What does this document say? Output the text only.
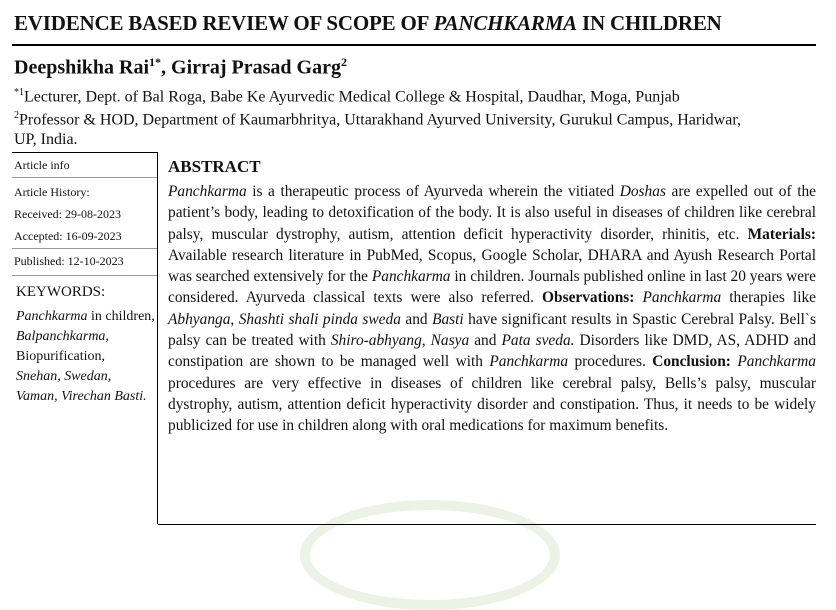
EVIDENCE BASED REVIEW OF SCOPE OF PANCHKARMA IN CHILDREN
Deepshikha Rai$^{1*}$, Girraj Prasad Garg$^2$
$^{*1}$Lecturer, Dept. of Bal Roga, Babe Ke Ayurvedic Medical College & Hospital, Daudhar, Moga, Punjab
$^2$Professor & HOD, Department of Kaumarbhritya, Uttarakhand Ayurved University, Gurukul Campus, Haridwar,
UP, India.
Article info
Article History:
Received: 29-08-2023
Accepted: 16-09-2023
Published: 12-10-2023
KEYWORDS:
Panchkarma in children,
Balpanchkarma,
Biopurification,
Snehan, Swedan, Vaman, Virechan Basti.
ABSTRACT

Panchkarma is a therapeutic process of Ayurveda wherein the vitiated Doshas are expelled out of the patient’s body, leading to detoxification of the body. It is also useful in diseases of children like cerebral palsy, muscular dystrophy, autism, attention deficit hyperactivity disorder, rhinitis, etc. Materials: Available research literature in PubMed, Scopus, Google Scholar, DHARA and Ayush Research Portal was searched extensively for the Panchkarma in children. Journals published online in last 20 years were considered. Ayurveda classical texts were also referred. Observations: Panchkarma therapies like Abhyanga, Shashti shali pinda sweda and Basti have significant results in Spastic Cerebral Palsy. Bell`s palsy can be treated with Shiro-abhyang, Nasya and Pata sveda. Disorders like DMD, AS, ADHD and constipation are shown to be managed well with Panchkarma procedures. Conclusion: Panchkarma procedures are very effective in diseases of children like cerebral palsy, Bells’s palsy, muscular dystrophy, autism, attention deficit hyperactivity disorder and constipation. Thus, it needs to be widely publicized for use in children along with oral medications for maximum benefits.
